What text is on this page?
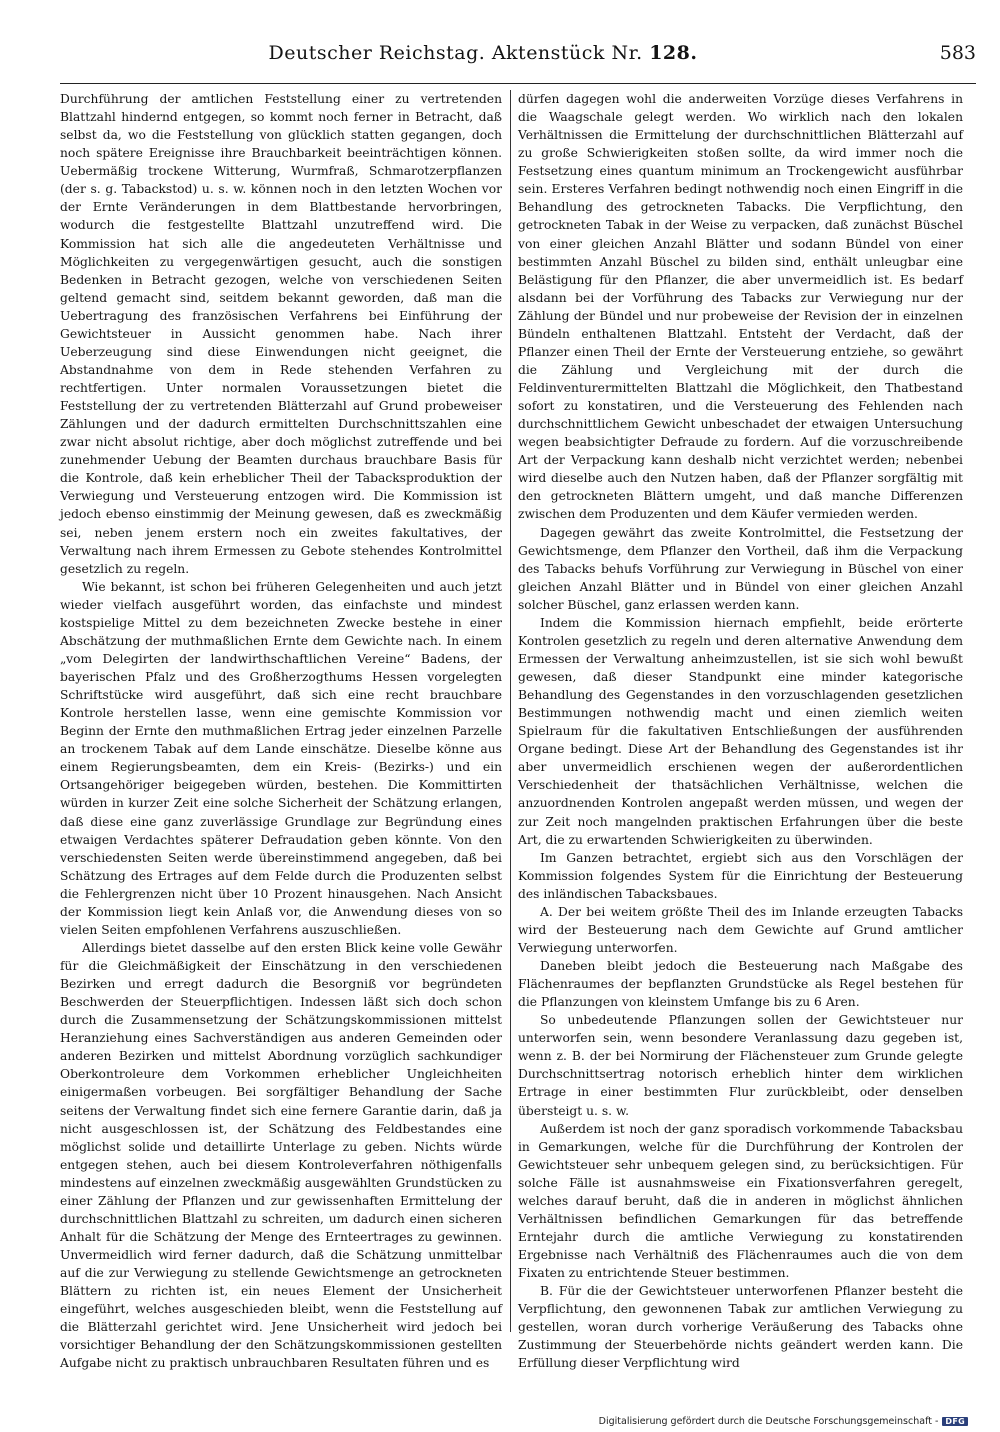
Deutscher Reichstag. Aktenstück Nr. 128.	583

Durchführung der amtlichen Feststellung einer zu vertretenden Blattzahl hindernd entgegen, so kommt noch ferner in Betracht, daß selbst da, wo die Feststellung von glücklich statten gegangen, doch noch spätere Ereignisse ihre Brauchbarkeit beeinträchtigen können. Uebermäßig trockene Witterung, Wurmfraß, Schmarotzerpflanzen (der s. g. Tabackstod) u. s. w. können noch in den letzten Wochen vor der Ernte Veränderungen in dem Blattbestande hervorbringen, wodurch die festgestellte Blattzahl unzutreffend wird. Die Kommission hat sich alle die angedeuteten Verhältnisse und Möglichkeiten zu vergegenwärtigen gesucht, auch die sonstigen Bedenken in Betracht gezogen, welche von verschiedenen Seiten geltend gemacht sind, seitdem bekannt geworden, daß man die Uebertragung des französischen Verfahrens bei Einführung der Gewichtsteuer in Aussicht genommen habe. Nach ihrer Ueberzeugung sind diese Einwendungen nicht geeignet, die Abstandnahme von dem in Rede stehenden Verfahren zu rechtfertigen. Unter normalen Voraussetzungen bietet die Feststellung der zu vertretenden Blätterzahl auf Grund probeweiser Zählungen und der dadurch ermittelten Durchschnittszahlen eine zwar nicht absolut richtige, aber doch möglichst zutreffende und bei zunehmender Uebung der Beamten durchaus brauchbare Basis für die Kontrole, daß kein erheblicher Theil der Tabacksproduktion der Verwiegung und Versteuerung entzogen wird. Die Kommission ist jedoch ebenso einstimmig der Meinung gewesen, daß es zweckmäßig sei, neben jenem erstern noch ein zweites fakultatives, der Verwaltung nach ihrem Ermessen zu Gebote stehendes Kontrolmittel gesetzlich zu regeln.

Wie bekannt, ist schon bei früheren Gelegenheiten und auch jetzt wieder vielfach ausgeführt worden, das einfachste und mindest kostspielige Mittel zu dem bezeichneten Zwecke bestehe in einer Abschätzung der muthmaßlichen Ernte dem Gewichte nach. In einem „vom Delegirten der landwirthschaftlichen Vereine“ Badens, der bayerischen Pfalz und des Großherzogthums Hessen vorgelegten Schriftstücke wird ausgeführt, daß sich eine recht brauchbare Kontrole herstellen lasse, wenn eine gemischte Kommission vor Beginn der Ernte den muthmaßlichen Ertrag jeder einzelnen Parzelle an trockenem Tabak auf dem Lande einschätze. Dieselbe könne aus einem Regierungsbeamten, dem ein Kreis- (Bezirks-) und ein Ortsangehöriger beigegeben würden, bestehen. Die Kommittirten würden in kurzer Zeit eine solche Sicherheit der Schätzung erlangen, daß diese eine ganz zuverlässige Grundlage zur Begründung eines etwaigen Verdachtes späterer Defraudation geben könnte. Von den verschiedensten Seiten werde übereinstimmend angegeben, daß bei Schätzung des Ertrages auf dem Felde durch die Produzenten selbst die Fehlergrenzen nicht über 10 Prozent hinausgehen. Nach Ansicht der Kommission liegt kein Anlaß vor, die Anwendung dieses von so vielen Seiten empfohlenen Verfahrens auszuschließen.

Allerdings bietet dasselbe auf den ersten Blick keine volle Gewähr für die Gleichmäßigkeit der Einschätzung in den verschiedenen Bezirken und erregt dadurch die Besorgniß vor begründeten Beschwerden der Steuerpflichtigen. Indessen läßt sich doch schon durch die Zusammensetzung der Schätzungskommissionen mittelst Heranziehung eines Sachverständigen aus anderen Gemeinden oder anderen Bezirken und mittelst Abordnung vorzüglich sachkundiger Oberkontroleure dem Vorkommen erheblicher Ungleichheiten einigermaßen vorbeugen. Bei sorgfältiger Behandlung der Sache seitens der Verwaltung findet sich eine fernere Garantie darin, daß ja nicht ausgeschlossen ist, der Schätzung des Feldbestandes eine möglichst solide und detaillirte Unterlage zu geben. Nichts würde entgegen stehen, auch bei diesem Kontroleverfahren nöthigenfalls mindestens auf einzelnen zweckmäßig ausgewählten Grundstücken zu einer Zählung der Pflanzen und zur gewissenhaften Ermittelung der durchschnittlichen Blattzahl zu schreiten, um dadurch einen sicheren Anhalt für die Schätzung der Menge des Ernteertrages zu gewinnen. Unvermeidlich wird ferner dadurch, daß die Schätzung unmittelbar auf die zur Verwiegung zu stellende Gewichtsmenge an getrockneten Blättern zu richten ist, ein neues Element der Unsicherheit eingeführt, welches ausgeschieden bleibt, wenn die Feststellung auf die Blätterzahl gerichtet wird. Jene Unsicherheit wird jedoch bei vorsichtiger Behandlung der den Schätzungskommissionen gestellten Aufgabe nicht zu praktisch unbrauchbaren Resultaten führen und es

dürfen dagegen wohl die anderweiten Vorzüge dieses Verfahrens in die Waagschale gelegt werden. Wo wirklich nach den lokalen Verhältnissen die Ermittelung der durchschnittlichen Blätterzahl auf zu große Schwierigkeiten stoßen sollte, da wird immer noch die Festsetzung eines quantum minimum an Trockengewicht ausführbar sein. Ersteres Verfahren bedingt nothwendig noch einen Eingriff in die Behandlung des getrockneten Tabacks. Die Verpflichtung, den getrockneten Tabak in der Weise zu verpacken, daß zunächst Büschel von einer gleichen Anzahl Blätter und sodann Bündel von einer bestimmten Anzahl Büschel zu bilden sind, enthält unleugbar eine Belästigung für den Pflanzer, die aber unvermeidlich ist. Es bedarf alsdann bei der Vorführung des Tabacks zur Verwiegung nur der Zählung der Bündel und nur probeweise der Revision der in einzelnen Bündeln enthaltenen Blattzahl. Entsteht der Verdacht, daß der Pflanzer einen Theil der Ernte der Versteuerung entziehe, so gewährt die Zählung und Vergleichung mit der durch die Feldinventurermittelten Blattzahl die Möglichkeit, den Thatbestand sofort zu konstatiren, und die Versteuerung des Fehlenden nach durchschnittlichem Gewicht unbeschadet der etwaigen Untersuchung wegen beabsichtigter Defraude zu fordern. Auf die vorzuschreibende Art der Verpackung kann deshalb nicht verzichtet werden; nebenbei wird dieselbe auch den Nutzen haben, daß der Pflanzer sorgfältig mit den getrockneten Blättern umgeht, und daß manche Differenzen zwischen dem Produzenten und dem Käufer vermieden werden.

Dagegen gewährt das zweite Kontrolmittel, die Festsetzung der Gewichtsmenge, dem Pflanzer den Vortheil, daß ihm die Verpackung des Tabacks behufs Vorführung zur Verwiegung in Büschel von einer gleichen Anzahl Blätter und in Bündel von einer gleichen Anzahl solcher Büschel, ganz erlassen werden kann.

Indem die Kommission hiernach empfiehlt, beide erörterte Kontrolen gesetzlich zu regeln und deren alternative Anwendung dem Ermessen der Verwaltung anheimzustellen, ist sie sich wohl bewußt gewesen, daß dieser Standpunkt eine minder kategorische Behandlung des Gegenstandes in den vorzuschlagenden gesetzlichen Bestimmungen nothwendig macht und einen ziemlich weiten Spielraum für die fakultativen Entschließungen der ausführenden Organe bedingt. Diese Art der Behandlung des Gegenstandes ist ihr aber unvermeidlich erschienen wegen der außerordentlichen Verschiedenheit der thatsächlichen Verhältnisse, welchen die anzuordnenden Kontrolen angepaßt werden müssen, und wegen der zur Zeit noch mangelnden praktischen Erfahrungen über die beste Art, die zu erwartenden Schwierigkeiten zu überwinden.

Im Ganzen betrachtet, ergiebt sich aus den Vorschlägen der Kommission folgendes System für die Einrichtung der Besteuerung des inländischen Tabacksbaues.

A. Der bei weitem größte Theil des im Inlande erzeugten Tabacks wird der Besteuerung nach dem Gewichte auf Grund amtlicher Verwiegung unterworfen.

Daneben bleibt jedoch die Besteuerung nach Maßgabe des Flächenraumes der bepflanzten Grundstücke als Regel bestehen für die Pflanzungen von kleinstem Umfange bis zu 6 Aren.

So unbedeutende Pflanzungen sollen der Gewichtsteuer nur unterworfen sein, wenn besondere Veranlassung dazu gegeben ist, wenn z. B. der bei Normirung der Flächensteuer zum Grunde gelegte Durchschnittsertrag notorisch erheblich hinter dem wirklichen Ertrage in einer bestimmten Flur zurückbleibt, oder denselben übersteigt u. s. w.

Außerdem ist noch der ganz sporadisch vorkommende Tabacksbau in Gemarkungen, welche für die Durchführung der Kontrolen der Gewichtsteuer sehr unbequem gelegen sind, zu berücksichtigen. Für solche Fälle ist ausnahmsweise ein Fixationsverfahren geregelt, welches darauf beruht, daß die in anderen in möglichst ähnlichen Verhältnissen befindlichen Gemarkungen für das betreffende Erntejahr durch die amtliche Verwiegung zu konstatirenden Ergebnisse nach Verhältniß des Flächenraumes auch die von dem Fixaten zu entrichtende Steuer bestimmen.

B. Für die der Gewichtsteuer unterworfenen Pflanzer besteht die Verpflichtung, den gewonnenen Tabak zur amtlichen Verwiegung zu gestellen, woran durch vorherige Veräußerung des Tabacks ohne Zustimmung der Steuerbehörde nichts geändert werden kann. Die Erfüllung dieser Verpflichtung wird

Digitalisierung gefördert durch die Deutsche Forschungsgemeinschaft - DFG
